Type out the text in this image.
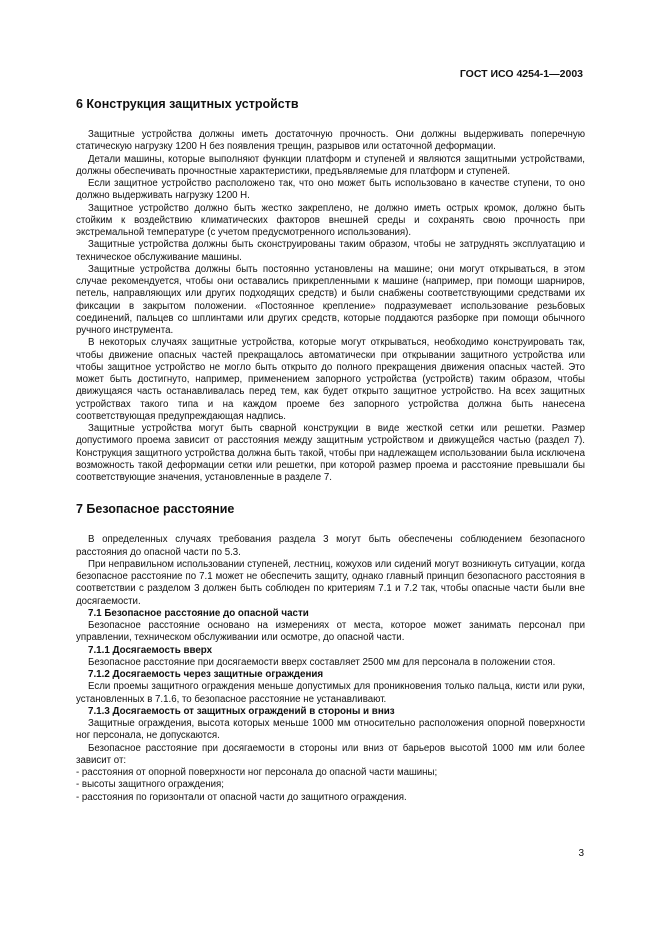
ГОСТ ИСО 4254-1—2003
6 Конструкция защитных устройств

Защитные устройства должны иметь достаточную прочность. Они должны выдерживать поперечную статическую нагрузку 1200 Н без появления трещин, разрывов или остаточной деформации.

Детали машины, которые выполняют функции платформ и ступеней и являются защитными устройствами, должны обеспечивать прочностные характеристики, предъявляемые для платформ и ступеней.

Если защитное устройство расположено так, что оно может быть использовано в качестве ступени, то оно должно выдерживать нагрузку 1200 Н.

Защитное устройство должно быть жестко закреплено, не должно иметь острых кромок, должно быть стойким к воздействию климатических факторов внешней среды и сохранять свою прочность при экстремальной температуре (с учетом предусмотренного использования).

Защитные устройства должны быть сконструированы таким образом, чтобы не затруднять эксплуатацию и техническое обслуживание машины.

Защитные устройства должны быть постоянно установлены на машине; они могут открываться, в этом случае рекомендуется, чтобы они оставались прикрепленными к машине (например, при помощи шарниров, петель, направляющих или других подходящих средств) и были снабжены соответствующими средствами их фиксации в закрытом положении. «Постоянное крепление» подразумевает использование резьбовых соединений, пальцев со шплинтами или других средств, которые поддаются разборке при помощи обычного ручного инструмента.

В некоторых случаях защитные устройства, которые могут открываться, необходимо конструировать так, чтобы движение опасных частей прекращалось автоматически при открывании защитного устройства или чтобы защитное устройство не могло быть открыто до полного прекращения движения опасных частей. Это может быть достигнуто, например, применением запорного устройства (устройств) таким образом, чтобы движущаяся часть останавливалась перед тем, как будет открыто защитное устройство. На всех защитных устройствах такого типа и на каждом проеме без запорного устройства должна быть нанесена соответствующая предупреждающая надпись.

Защитные устройства могут быть сварной конструкции в виде жесткой сетки или решетки. Размер допустимого проема зависит от расстояния между защитным устройством и движущейся частью (раздел 7). Конструкция защитного устройства должна быть такой, чтобы при надлежащем использовании была исключена возможность такой деформации сетки или решетки, при которой размер проема и расстояние превышали бы соответствующие значения, установленные в разделе 7.

7 Безопасное расстояние

В определенных случаях требования раздела 3 могут быть обеспечены соблюдением безопасного расстояния до опасной части по 5.3.

При неправильном использовании ступеней, лестниц, кожухов или сидений могут возникнуть ситуации, когда безопасное расстояние по 7.1 может не обеспечить защиту, однако главный принцип безопасного расстояния в соответствии с разделом 3 должен быть соблюден по критериям 7.1 и 7.2 так, чтобы опасные части были вне досягаемости.

7.1 Безопасное расстояние до опасной части

Безопасное расстояние основано на измерениях от места, которое может занимать персонал при управлении, техническом обслуживании или осмотре, до опасной части.

7.1.1 Досягаемость вверх

Безопасное расстояние при досягаемости вверх составляет 2500 мм для персонала в положении стоя.

7.1.2 Досягаемость через защитные ограждения

Если проемы защитного ограждения меньше допустимых для проникновения только пальца, кисти или руки, установленных в 7.1.6, то безопасное расстояние не устанавливают.

7.1.3 Досягаемость от защитных ограждений в стороны и вниз

Защитные ограждения, высота которых меньше 1000 мм относительно расположения опорной поверхности ног персонала, не допускаются.

Безопасное расстояние при досягаемости в стороны или вниз от барьеров высотой 1000 мм или более зависит от:

- расстояния от опорной поверхности ног персонала до опасной части машины;
- высоты защитного ограждения;
- расстояния по горизонтали от опасной части до защитного ограждения.
3
